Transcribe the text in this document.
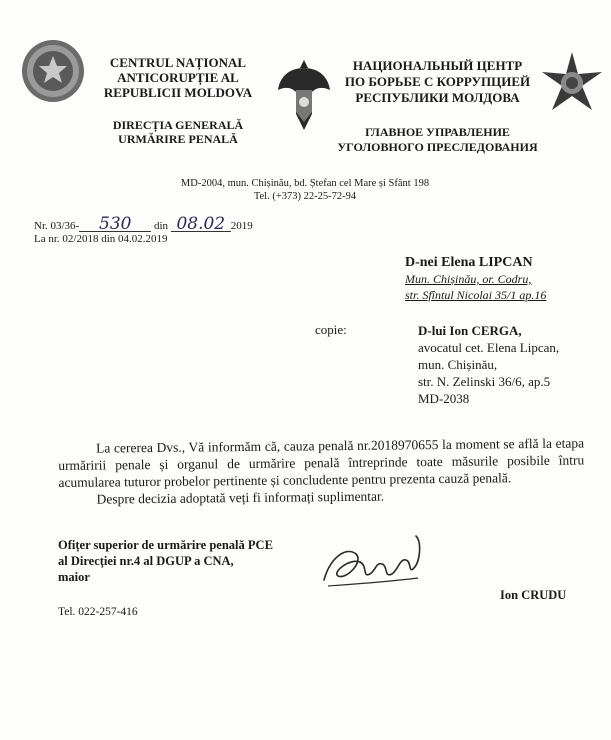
CENTRUL NAȚIONAL
ANTICORUPȚIE AL
REPUBLICII MOLDOVA
DIRECȚIA GENERALĂ
URMĂRIRE PENALĂ
НАЦИОНАЛЬНЫЙ ЦЕНТР
ПО БОРЬБЕ С КОРРУПЦИЕЙ
РЕСПУБЛИКИ МОЛДОВА
ГЛАВНОЕ УПРАВЛЕНИЕ
УГОЛОВНОГО ПРЕСЛЕДОВАНИЯ
MD-2004, mun. Chișinău, bd. Ștefan cel Mare și Sfânt 198
Tel. (+373) 22-25-72-94
Nr. 03/36- 530 din 08.02 2019
La nr. 02/2018 din 04.02.2019
D-nei Elena LIPCAN
Mun. Chișinău, or. Codru,
str. Sfîntul Nicolai 35/1 ap.16
copie:	D-lui Ion CERGA,
avocatul cet. Elena Lipcan,
mun. Chișinău,
str. N. Zelinski 36/6, ap.5
MD-2038

La cererea Dvs., Vă informăm că, cauza penală nr.2018970655 la moment se află la etapa urmăririi penale și organul de urmărire penală întreprinde toate măsurile posibile întru acumularea tuturor probelor pertinente și concludente pentru prezenta cauză penală.

Despre decizia adoptată veți fi informați suplimentar.

Ofițer superior de urmărire penală PCE
al Direcției nr.4 al DGUP a CNA,
maior
Ion CRUDU
Tel. 022-257-416
